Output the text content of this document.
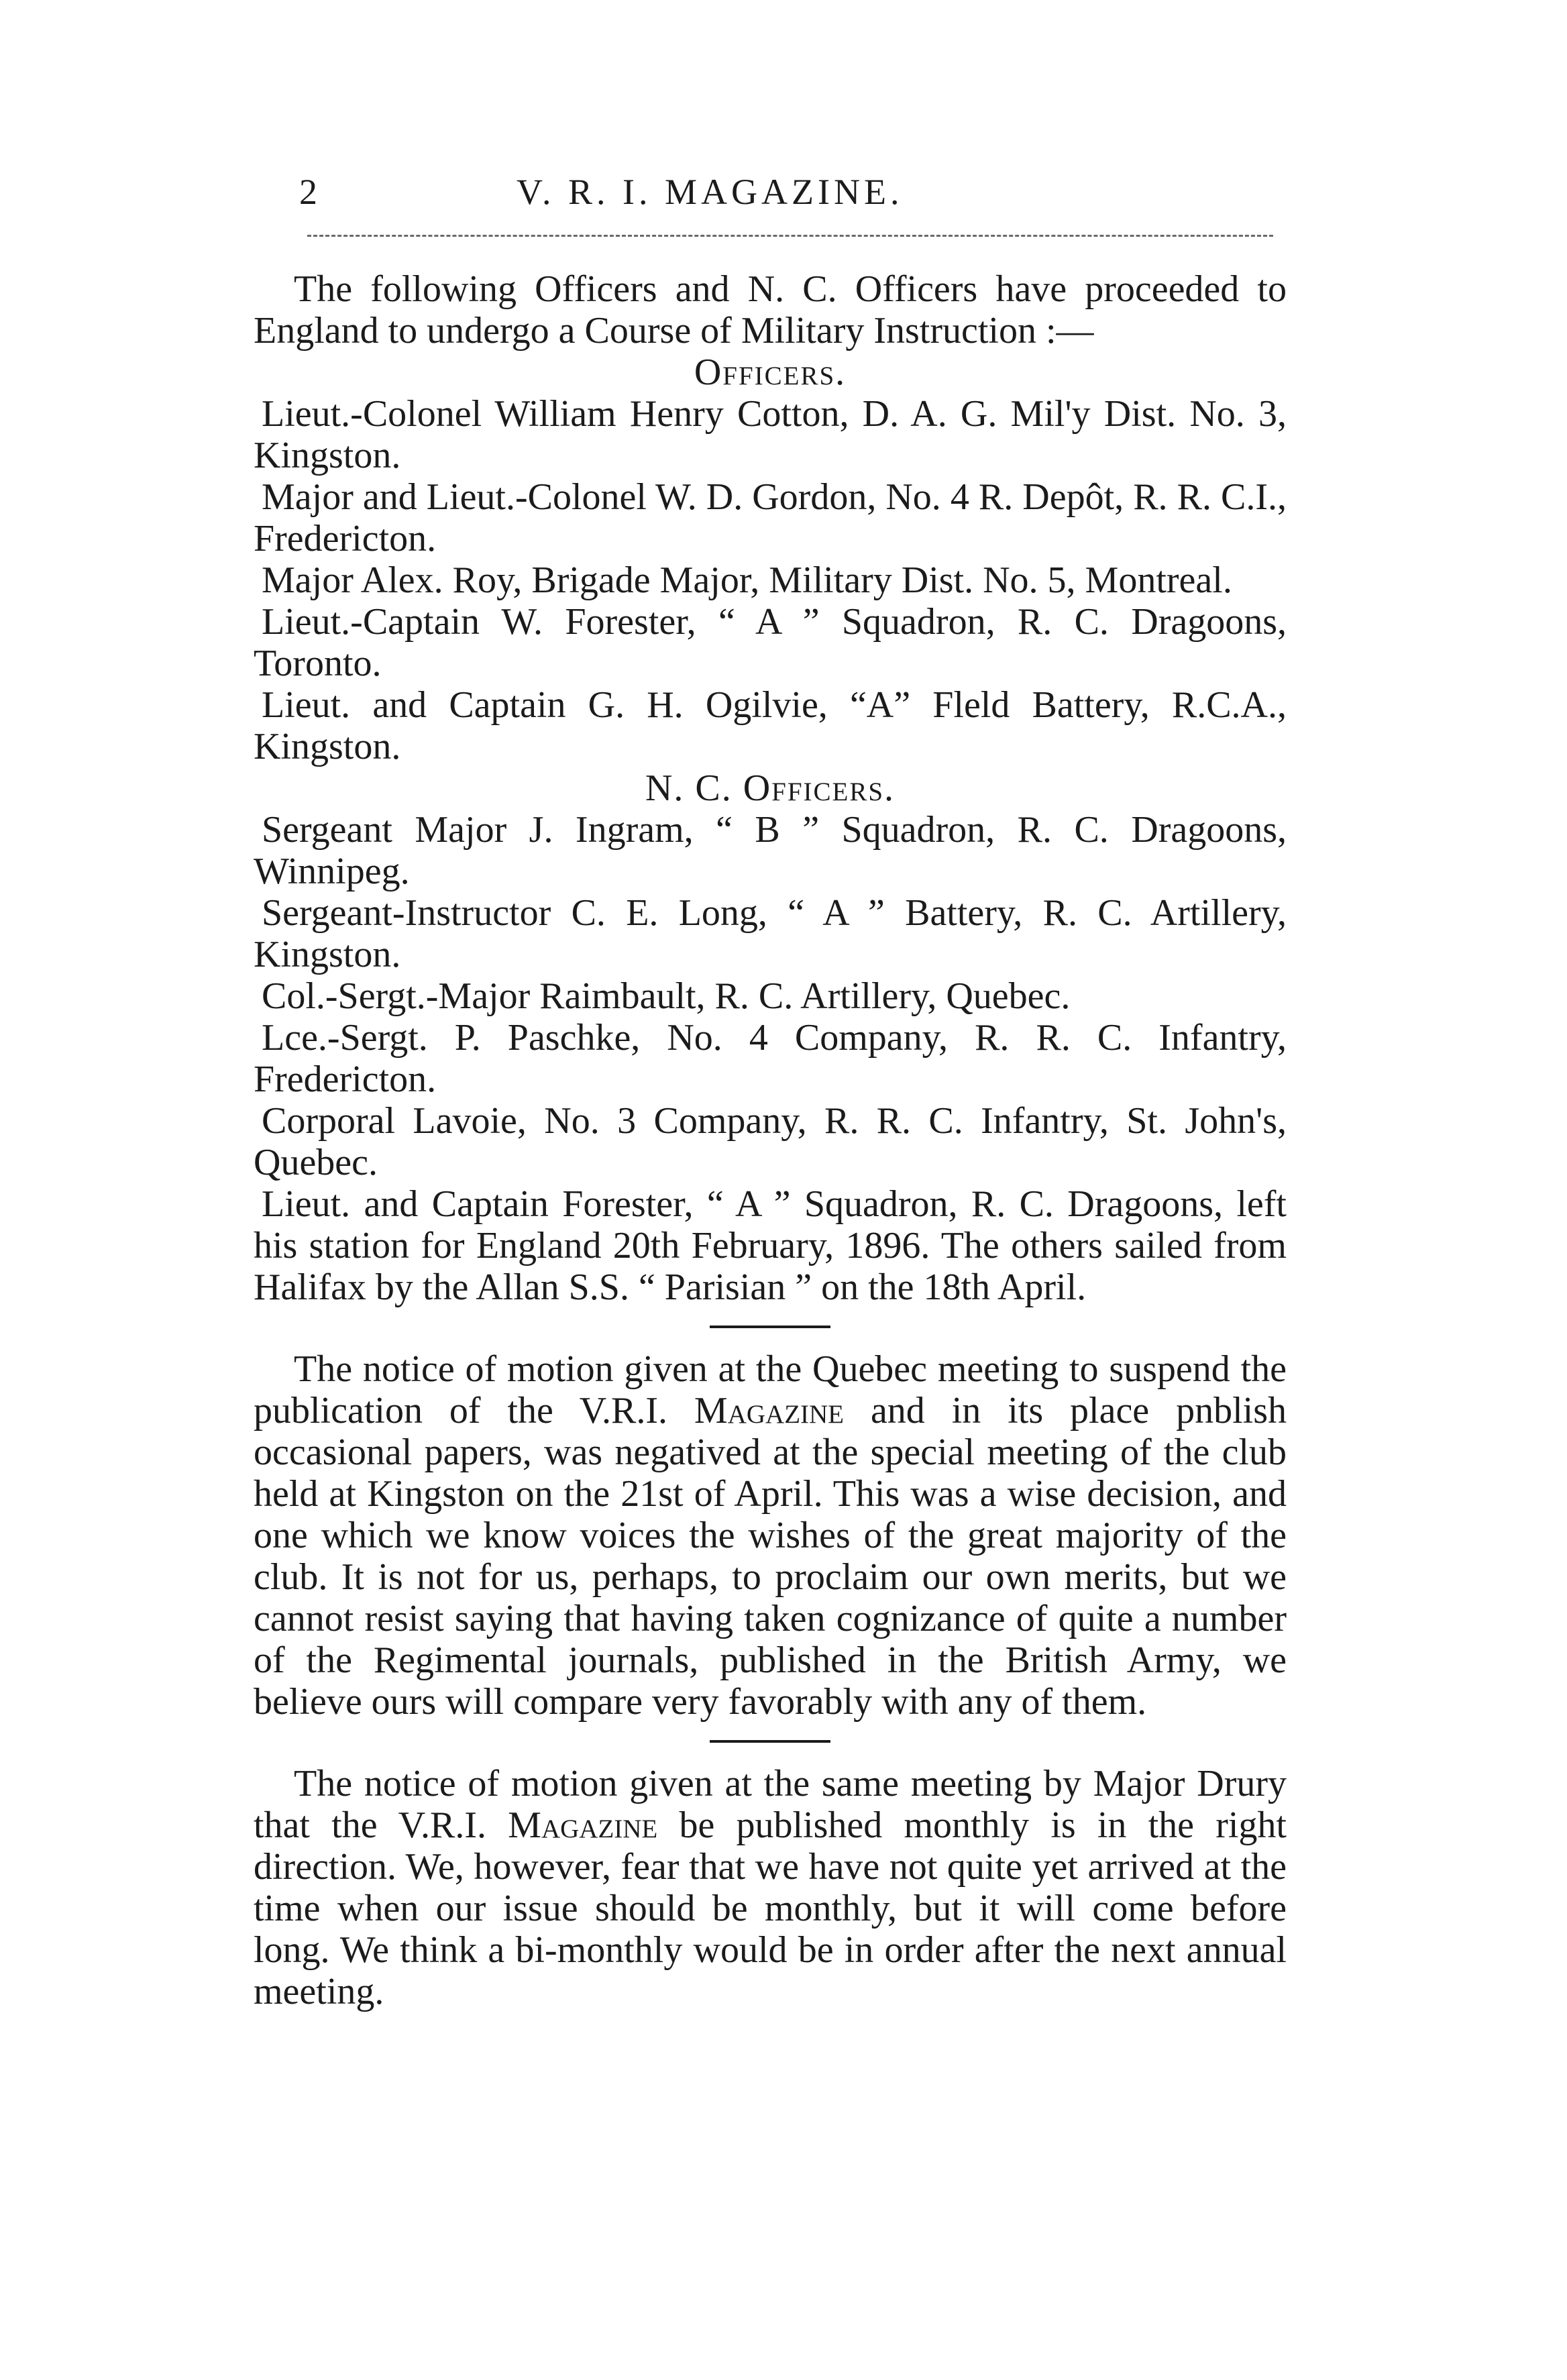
2	V. R. I. MAGAZINE.

The following Officers and N. C. Officers have proceeded to England to undergo a Course of Military Instruction :—

Officers.

Lieut.-Colonel William Henry Cotton, D. A. G. Mil'y Dist. No. 3, Kingston.

Major and Lieut.-Colonel W. D. Gordon, No. 4 R. Depôt, R. R. C.I., Fredericton.

Major Alex. Roy, Brigade Major, Military Dist. No. 5, Montreal.

Lieut.-Captain W. Forester, “ A ” Squadron, R. C. Dragoons, Toronto.

Lieut. and Captain G. H. Ogilvie, “A” Fleld Battery, R.C.A., Kingston.

N. C. Officers.

Sergeant Major J. Ingram, “ B ” Squadron, R. C. Dragoons, Winnipeg.

Sergeant-Instructor C. E. Long, “ A ” Battery, R. C. Artillery, Kingston.

Col.-Sergt.-Major Raimbault, R. C. Artillery, Quebec.

Lce.-Sergt. P. Paschke, No. 4 Company, R. R. C. Infantry, Fredericton.

Corporal Lavoie, No. 3 Company, R. R. C. Infantry, St. John's, Quebec.

Lieut. and Captain Forester, “ A ” Squadron, R. C. Dragoons, left his station for England 20th February, 1896. The others sailed from Halifax by the Allan S.S. “ Parisian ” on the 18th April.

The notice of motion given at the Quebec meeting to suspend the publication of the V.R.I. Magazine and in its place pnblish occasional papers, was negatived at the special meeting of the club held at Kingston on the 21st of April. This was a wise decision, and one which we know voices the wishes of the great majority of the club. It is not for us, perhaps, to proclaim our own merits, but we cannot resist saying that having taken cognizance of quite a number of the Regimental journals, published in the British Army, we believe ours will compare very favorably with any of them.

The notice of motion given at the same meeting by Major Drury that the V.R.I. Magazine be published monthly is in the right direction. We, however, fear that we have not quite yet arrived at the time when our issue should be monthly, but it will come before long. We think a bi-monthly would be in order after the next annual meeting.
